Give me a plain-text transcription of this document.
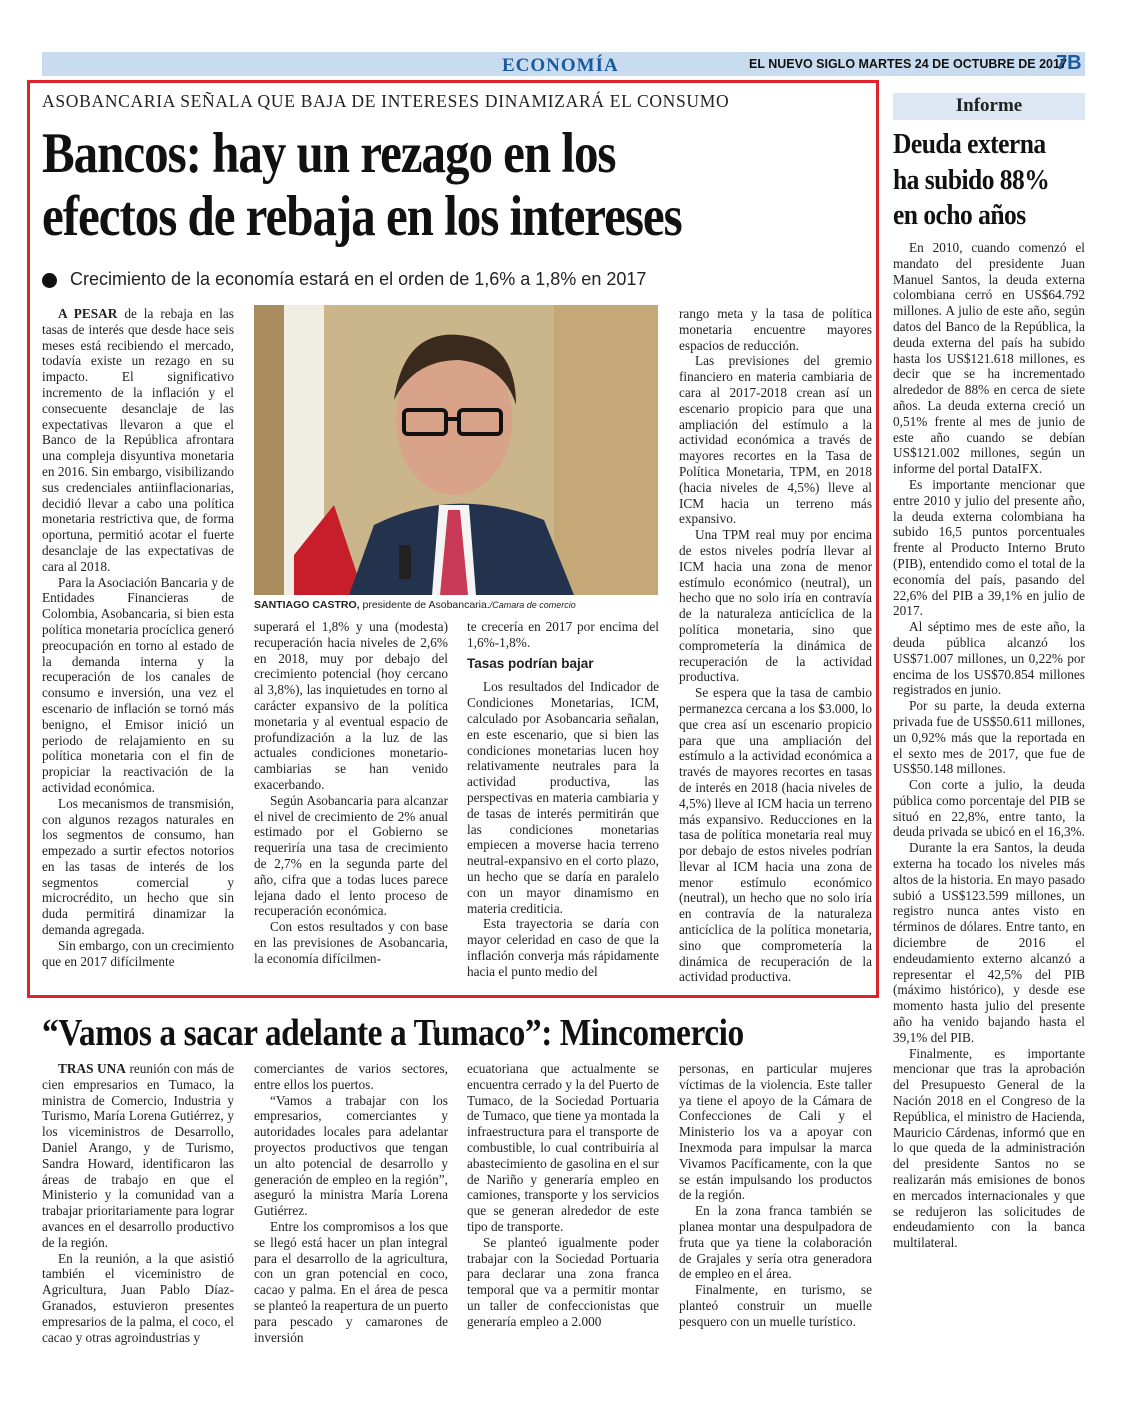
ECONOMÍA	EL NUEVO SIGLO MARTES 24 DE OCTUBRE DE 2017
7B
ASOBANCARIA SEÑALA QUE BAJA DE INTERESES DINAMIZARÁ EL CONSUMO
Bancos: hay un rezago en los
efectos de rebaja en los intereses
Crecimiento de la economía estará en el orden de 1,6% a 1,8% en 2017

A PESAR de la rebaja en las tasas de interés que desde hace seis meses está recibiendo el mercado, todavía existe un rezago en su impacto. El significativo incremento de la inflación y el consecuente desanclaje de las expectativas llevaron a que el Banco de la República afrontara una compleja disyuntiva monetaria en 2016. Sin embargo, visibilizando sus credenciales antiinflacionarias, decidió llevar a cabo una política monetaria restrictiva que, de forma oportuna, permitió acotar el fuerte desanclaje de las expectativas de cara al 2018.

Para la Asociación Bancaria y de Entidades Financieras de Colombia, Asobancaria, si bien esta política monetaria procíclica generó preocupación en torno al estado de la demanda interna y la recuperación de los canales de consumo e inversión, una vez el escenario de inflación se tornó más benigno, el Emisor inició un periodo de relajamiento en su política monetaria con el fin de propiciar la reactivación de la actividad económica.

Los mecanismos de transmisión, con algunos rezagos naturales en los segmentos de consumo, han empezado a surtir efectos notorios en las tasas de interés de los segmentos comercial y microcrédito, un hecho que sin duda permitirá dinamizar la demanda agregada.

Sin embargo, con un crecimiento que en 2017 difícilmente

SANTIAGO CASTRO, presidente de Asobancaria./Camara de comercio

superará el 1,8% y una (modesta) recuperación hacia niveles de 2,6% en 2018, muy por debajo del crecimiento potencial (hoy cercano al 3,8%), las inquietudes en torno al carácter expansivo de la política monetaria y al eventual espacio de profundización a la luz de las actuales condiciones monetario-cambiarias se han venido exacerbando.

Según Asobancaria para alcanzar el nivel de crecimiento de 2% anual estimado por el Gobierno se requeriría una tasa de crecimiento de 2,7% en la segunda parte del año, cifra que a todas luces parece lejana dado el lento proceso de recuperación económica.

Con estos resultados y con base en las previsiones de Asobancaria, la economía difícilmen-

te crecería en 2017 por encima del 1,6%-1,8%.

Tasas podrían bajar

Los resultados del Indicador de Condiciones Monetarias, ICM, calculado por Asobancaria señalan, en este escenario, que si bien las condiciones monetarias lucen hoy relativamente neutrales para la actividad productiva, las perspectivas en materia cambiaria y de tasas de interés permitirán que las condiciones monetarias empiecen a moverse hacia terreno neutral-expansivo en el corto plazo, un hecho que se daría en paralelo con un mayor dinamismo en materia crediticia.

Esta trayectoria se daría con mayor celeridad en caso de que la inflación converja más rápidamente hacia el punto medio del

rango meta y la tasa de política monetaria encuentre mayores espacios de reducción.

Las previsiones del gremio financiero en materia cambiaria de cara al 2017-2018 crean así un escenario propicio para que una ampliación del estímulo a la actividad económica a través de mayores recortes en la Tasa de Política Monetaria, TPM, en 2018 (hacia niveles de 4,5%) lleve al ICM hacia un terreno más expansivo.

Una TPM real muy por encima de estos niveles podría llevar al ICM hacia una zona de menor estímulo económico (neutral), un hecho que no solo iría en contravía de la naturaleza anticíclica de la política monetaria, sino que comprometería la dinámica de recuperación de la actividad productiva.

Se espera que la tasa de cambio permanezca cercana a los $3.000, lo que crea así un escenario propicio para que una ampliación del estímulo a la actividad económica a través de mayores recortes en tasas de interés en 2018 (hacia niveles de 4,5%) lleve al ICM hacia un terreno más expansivo. Reducciones en la tasa de política monetaria real muy por debajo de estos niveles podrían llevar al ICM hacia una zona de menor estímulo económico (neutral), un hecho que no solo iría en contravía de la naturaleza anticíclica de la política monetaria, sino que comprometería la dinámica de recuperación de la actividad productiva.

Informe
Deuda externa
ha subido 88%
en ocho años

En 2010, cuando comenzó el mandato del presidente Juan Manuel Santos, la deuda externa colombiana cerró en US$64.792 millones. A julio de este año, según datos del Banco de la República, la deuda externa del país ha subido hasta los US$121.618 millones, es decir que se ha incrementado alrededor de 88% en cerca de siete años. La deuda externa creció un 0,51% frente al mes de junio de este año cuando se debían US$121.002 millones, según un informe del portal DataIFX.

Es importante mencionar que entre 2010 y julio del presente año, la deuda externa colombiana ha subido 16,5 puntos porcentuales frente al Producto Interno Bruto (PIB), entendido como el total de la economía del país, pasando del 22,6% del PIB a 39,1% en julio de 2017.

Al séptimo mes de este año, la deuda pública alcanzó los US$71.007 millones, un 0,22% por encima de los US$70.854 millones registrados en junio.

Por su parte, la deuda externa privada fue de US$50.611 millones, un 0,92% más que la reportada en el sexto mes de 2017, que fue de US$50.148 millones.

Con corte a julio, la deuda pública como porcentaje del PIB se situó en 22,8%, entre tanto, la deuda privada se ubicó en el 16,3%.

Durante la era Santos, la deuda externa ha tocado los niveles más altos de la historia. En mayo pasado subió a US$123.599 millones, un registro nunca antes visto en términos de dólares. Entre tanto, en diciembre de 2016 el endeudamiento externo alcanzó a representar el 42,5% del PIB (máximo histórico), y desde ese momento hasta julio del presente año ha venido bajando hasta el 39,1% del PIB.

Finalmente, es importante mencionar que tras la aprobación del Presupuesto General de la Nación 2018 en el Congreso de la República, el ministro de Hacienda, Mauricio Cárdenas, informó que en lo que queda de la administración del presidente Santos no se realizarán más emisiones de bonos en mercados internacionales y que se redujeron las solicitudes de endeudamiento con la banca multilateral.

“Vamos a sacar adelante a Tumaco”: Mincomercio

TRAS UNA reunión con más de cien empresarios en Tumaco, la ministra de Comercio, Industria y Turismo, María Lorena Gutiérrez, y los viceministros de Desarrollo, Daniel Arango, y de Turismo, Sandra Howard, identificaron las áreas de trabajo en que el Ministerio y la comunidad van a trabajar prioritariamente para lograr avances en el desarrollo productivo de la región.

En la reunión, a la que asistió también el viceministro de Agricultura, Juan Pablo Díaz-Granados, estuvieron presentes empresarios de la palma, el coco, el cacao y otras agroindustrias y

comerciantes de varios sectores, entre ellos los puertos.

“Vamos a trabajar con los empresarios, comerciantes y autoridades locales para adelantar proyectos productivos que tengan un alto potencial de desarrollo y generación de empleo en la región”, aseguró la ministra María Lorena Gutiérrez.

Entre los compromisos a los que se llegó está hacer un plan integral para el desarrollo de la agricultura, con un gran potencial en coco, cacao y palma. En el área de pesca se planteó la reapertura de un puerto para pescado y camarones de inversión

ecuatoriana que actualmente se encuentra cerrado y la del Puerto de Tumaco, de la Sociedad Portuaria de Tumaco, que tiene ya montada la infraestructura para el transporte de combustible, lo cual contribuiría al abastecimiento de gasolina en el sur de Nariño y generaría empleo en camiones, transporte y los servicios que se generan alrededor de este tipo de transporte.

Se planteó igualmente poder trabajar con la Sociedad Portuaria para declarar una zona franca temporal que va a permitir montar un taller de confeccionistas que generaría empleo a 2.000

personas, en particular mujeres víctimas de la violencia. Este taller ya tiene el apoyo de la Cámara de Confecciones de Cali y el Ministerio los va a apoyar con Inexmoda para impulsar la marca Vivamos Pacíficamente, con la que se están impulsando los productos de la región.

En la zona franca también se planea montar una despulpadora de fruta que ya tiene la colaboración de Grajales y sería otra generadora de empleo en el área.

Finalmente, en turismo, se planteó construir un muelle pesquero con un muelle turístico.
